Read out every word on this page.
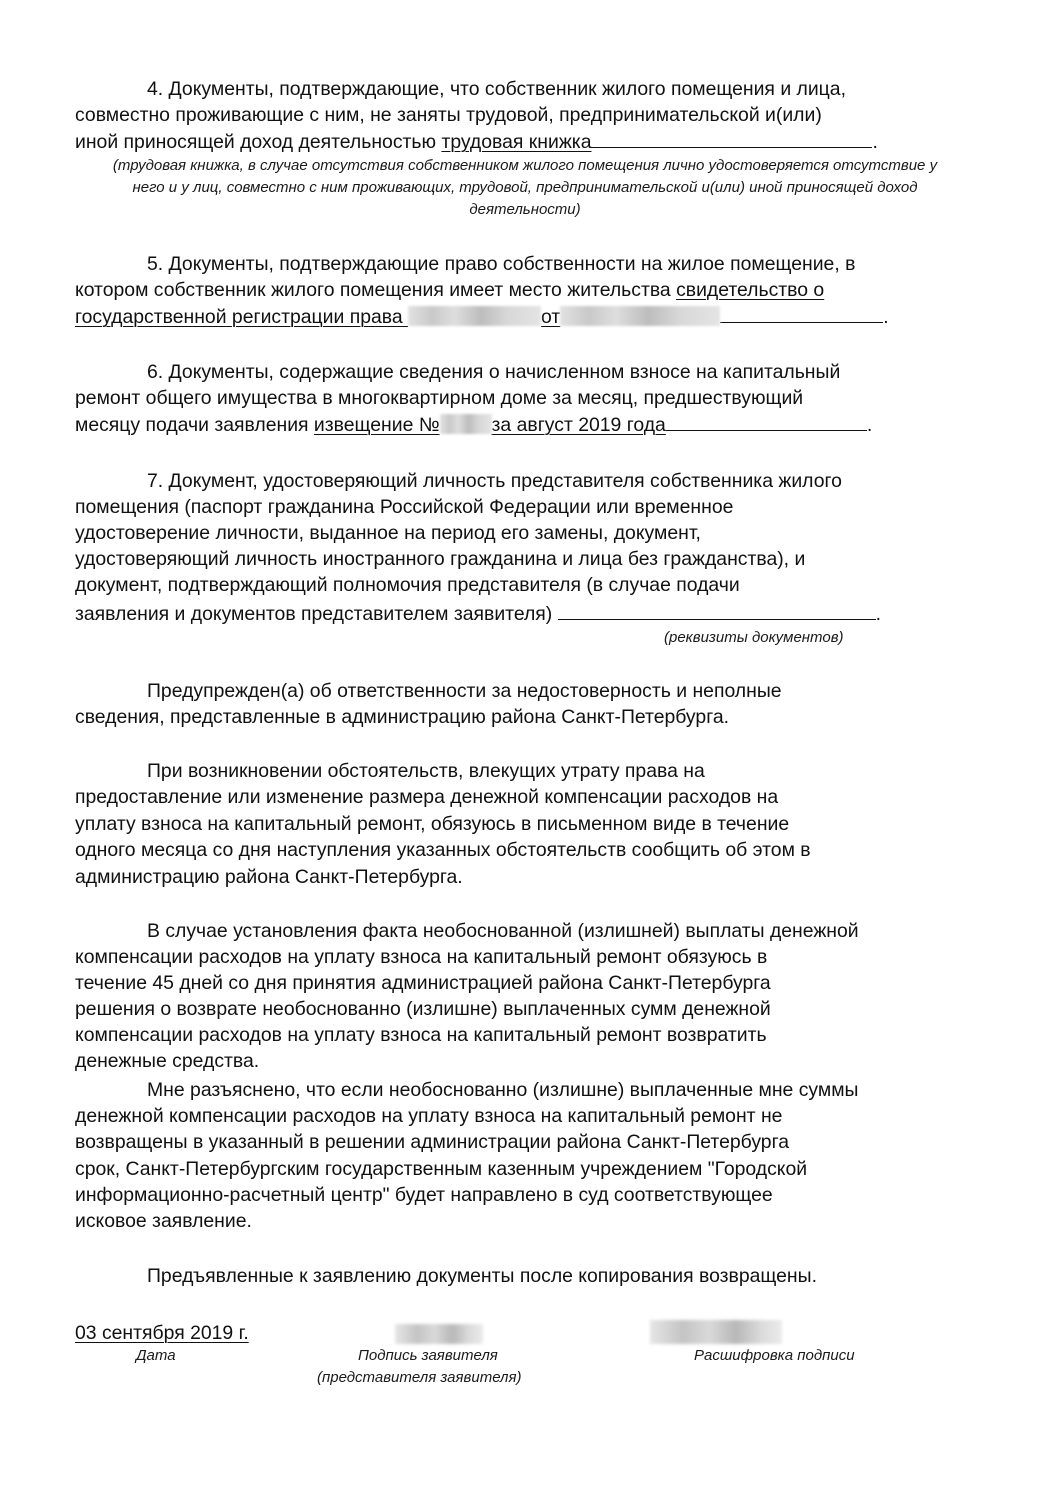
4. Документы, подтверждающие, что собственник жилого помещения и лица,

совместно проживающие с ним, не заняты трудовой, предпринимательской и(или)

иной приносящей доход деятельностью трудовая книжка	.

(трудовая книжка, в случае отсутствия собственником жилого помещения лично удостоверяется отсутствие у

него и у лиц, совместно с ним проживающих, трудовой, предпринимательской и(или) иной приносящей доход

деятельности)

5. Документы, подтверждающие право собственности на жилое помещение, в

котором собственник жилого помещения имеет место жительства свидетельство о

государственной регистрации права	от	.

6. Документы, содержащие сведения о начисленном взносе на капитальный

ремонт общего имущества в многоквартирном доме за месяц, предшествующий

месяцу подачи заявления извещение №	за август 2019 года	.

7. Документ, удостоверяющий личность представителя собственника жилого

помещения (паспорт гражданина Российской Федерации или временное

удостоверение личности, выданное на период его замены, документ,

удостоверяющий личность иностранного гражданина и лица без гражданства), и

документ, подтверждающий полномочия представителя (в случае подачи

заявления и документов представителем заявителя)	.

(реквизиты документов)

Предупрежден(а) об ответственности за недостоверность и неполные

сведения, представленные в администрацию района Санкт-Петербурга.

При возникновении обстоятельств, влекущих утрату права на

предоставление или изменение размера денежной компенсации расходов на

уплату взноса на капитальный ремонт, обязуюсь в письменном виде в течение

одного месяца со дня наступления указанных обстоятельств сообщить об этом в

администрацию района Санкт-Петербурга.

В случае установления факта необоснованной (излишней) выплаты денежной

компенсации расходов на уплату взноса на капитальный ремонт обязуюсь в

течение 45 дней со дня принятия администрацией района Санкт-Петербурга

решения о возврате необоснованно (излишне) выплаченных сумм денежной

компенсации расходов на уплату взноса на капитальный ремонт возвратить

денежные средства.

Мне разъяснено, что если необоснованно (излишне) выплаченные мне суммы

денежной компенсации расходов на уплату взноса на капитальный ремонт не

возвращены в указанный в решении администрации района Санкт-Петербурга

срок, Санкт-Петербургским государственным казенным учреждением "Городской

информационно-расчетный центр" будет направлено в суд соответствующее

исковое заявление.

Предъявленные к заявлению документы после копирования возвращены.

03 сентября 2019 г.

Дата	Подпись заявителя

(представителя заявителя)

Расшифровка подписи
